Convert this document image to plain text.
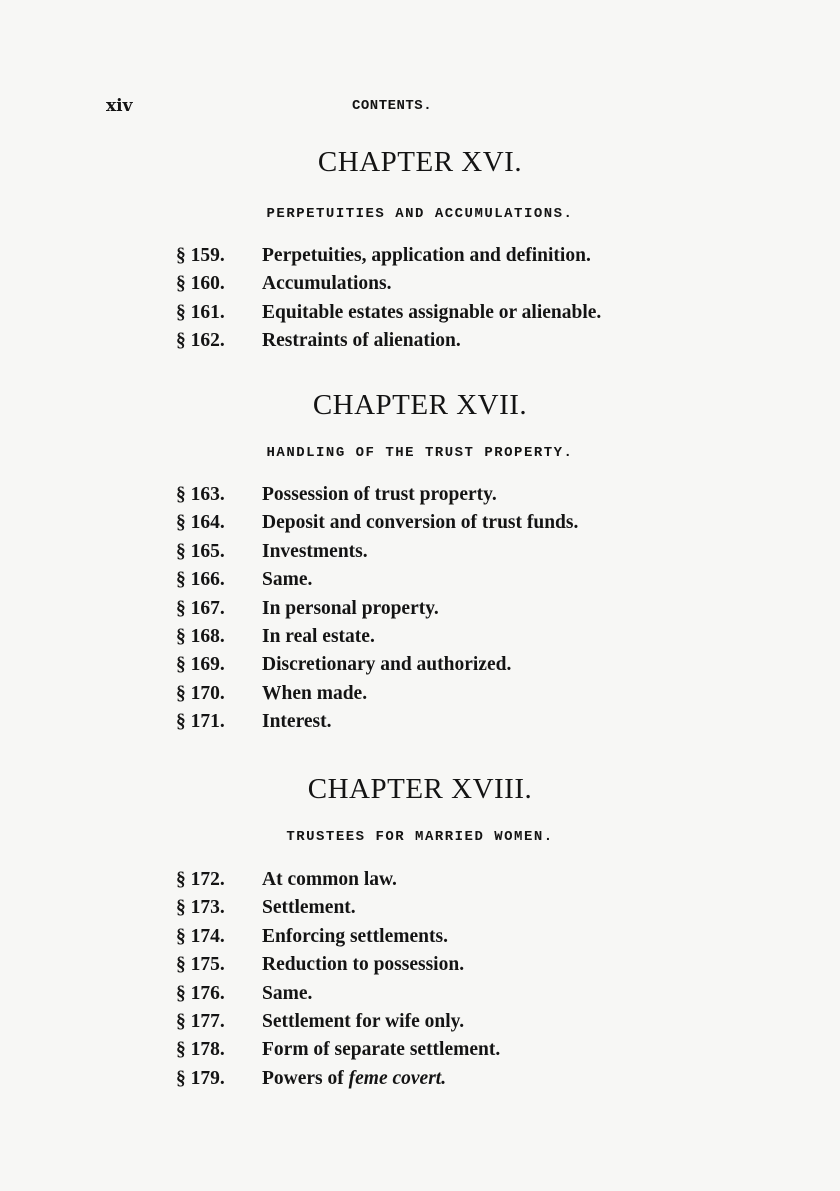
xiv	CONTENTS.
CHAPTER XVI.
PERPETUITIES AND ACCUMULATIONS.
§ 159. Perpetuities, application and definition.
§ 160. Accumulations.
§ 161. Equitable estates assignable or alienable.
§ 162. Restraints of alienation.
CHAPTER XVII.
HANDLING OF THE TRUST PROPERTY.
§ 163. Possession of trust property.
§ 164. Deposit and conversion of trust funds.
§ 165. Investments.
§ 166. Same.
§ 167. In personal property.
§ 168. In real estate.
§ 169. Discretionary and authorized.
§ 170. When made.
§ 171. Interest.
CHAPTER XVIII.
TRUSTEES FOR MARRIED WOMEN.
§ 172. At common law.
§ 173. Settlement.
§ 174. Enforcing settlements.
§ 175. Reduction to possession.
§ 176. Same.
§ 177. Settlement for wife only.
§ 178. Form of separate settlement.
§ 179. Powers of feme covert.
